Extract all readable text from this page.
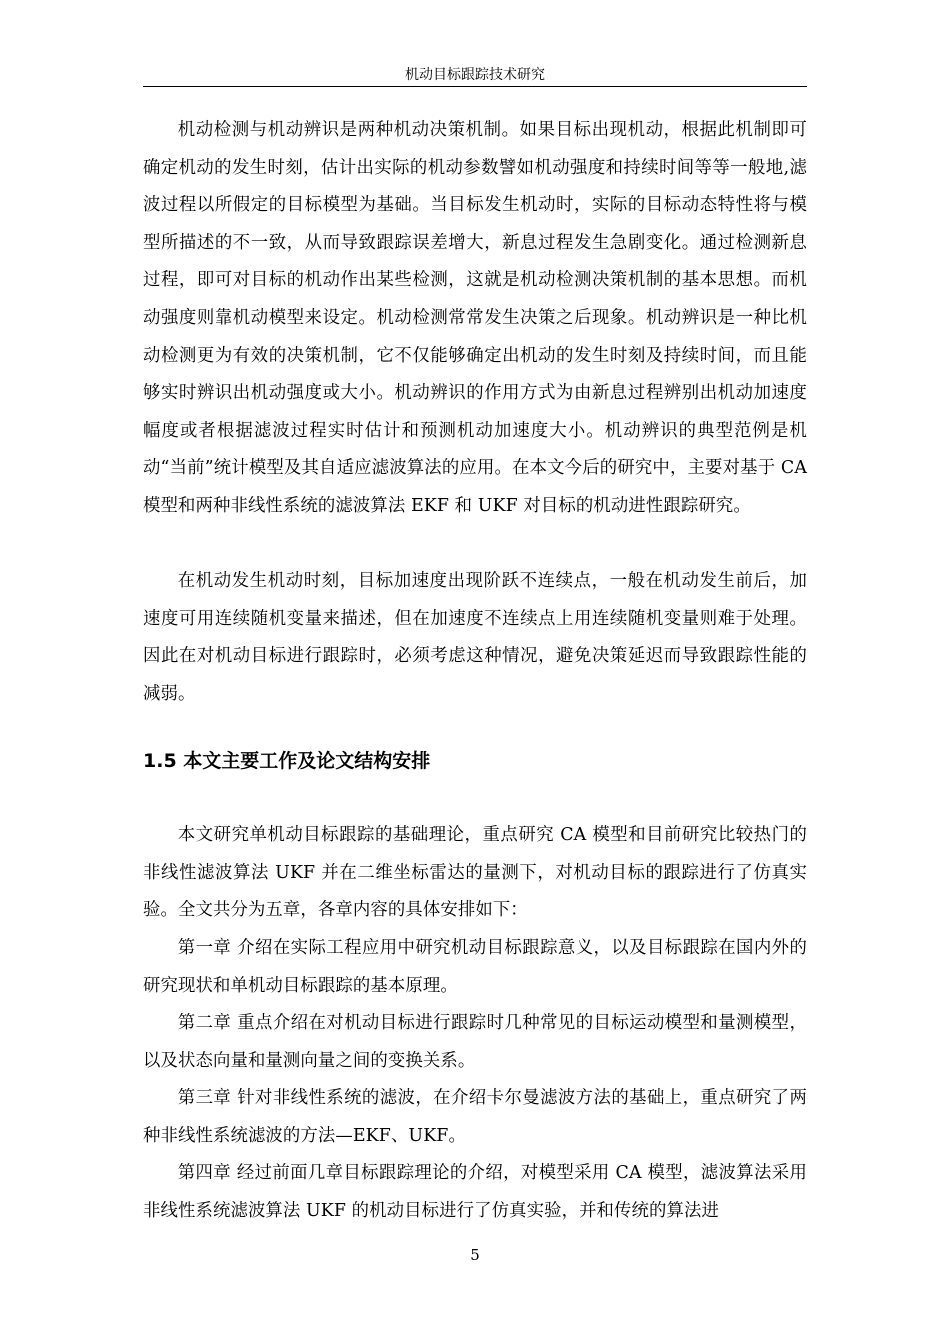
机动目标跟踪技术研究

机动检测与机动辨识是两种机动决策机制。如果目标出现机动，根据此机制即可确定机动的发生时刻，估计出实际的机动参数譬如机动强度和持续时间等等一般地,滤波过程以所假定的目标模型为基础。当目标发生机动时，实际的目标动态特性将与模型所描述的不一致，从而导致跟踪误差增大，新息过程发生急剧变化。通过检测新息过程，即可对目标的机动作出某些检测，这就是机动检测决策机制的基本思想。而机动强度则靠机动模型来设定。机动检测常常发生决策之后现象。机动辨识是一种比机动检测更为有效的决策机制，它不仅能够确定出机动的发生时刻及持续时间，而且能够实时辨识出机动强度或大小。机动辨识的作用方式为由新息过程辨别出机动加速度幅度或者根据滤波过程实时估计和预测机动加速度大小。机动辨识的典型范例是机动“当前”统计模型及其自适应滤波算法的应用。在本文今后的研究中，主要对基于 CA 模型和两种非线性系统的滤波算法 EKF 和 UKF 对目标的机动进性跟踪研究。

在机动发生机动时刻，目标加速度出现阶跃不连续点，一般在机动发生前后，加速度可用连续随机变量来描述，但在加速度不连续点上用连续随机变量则难于处理。因此在对机动目标进行跟踪时，必须考虑这种情况，避免决策延迟而导致跟踪性能的减弱。

1.5 本文主要工作及论文结构安排

本文研究单机动目标跟踪的基础理论，重点研究 CA 模型和目前研究比较热门的非线性滤波算法 UKF 并在二维坐标雷达的量测下，对机动目标的跟踪进行了仿真实验。全文共分为五章，各章内容的具体安排如下：

第一章 介绍在实际工程应用中研究机动目标跟踪意义，以及目标跟踪在国内外的研究现状和单机动目标跟踪的基本原理。

第二章 重点介绍在对机动目标进行跟踪时几种常见的目标运动模型和量测模型，以及状态向量和量测向量之间的变换关系。

第三章 针对非线性系统的滤波，在介绍卡尔曼滤波方法的基础上，重点研究了两种非线性系统滤波的方法—EKF、UKF。

第四章 经过前面几章目标跟踪理论的介绍，对模型采用 CA 模型，滤波算法采用非线性系统滤波算法 UKF 的机动目标进行了仿真实验，并和传统的算法进

5
